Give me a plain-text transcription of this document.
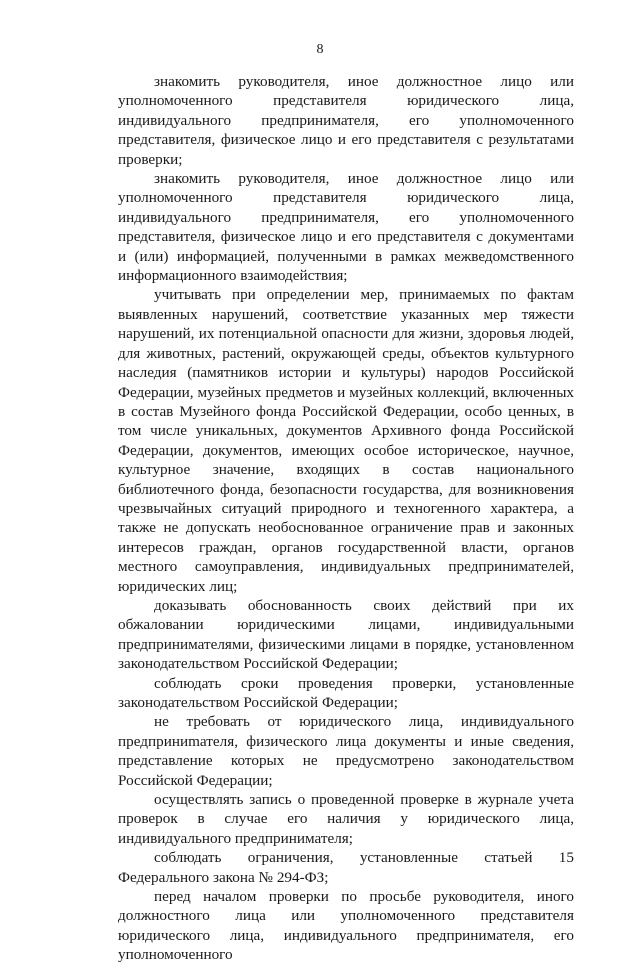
8

знакомить руководителя, иное должностное лицо или уполномоченного представителя юридического лица, индивидуального предпринимателя, его уполномоченного представителя, физическое лицо и его представителя с результатами проверки;

знакомить руководителя, иное должностное лицо или уполномоченного представителя юридического лица, индивидуального предпринимателя, его уполномоченного представителя, физическое лицо и его представителя с документами и (или) информацией, полученными в рамках межведомственного информационного взаимодействия;

учитывать при определении мер, принимаемых по фактам выявленных нарушений, соответствие указанных мер тяжести нарушений, их потенциальной опасности для жизни, здоровья людей, для животных, растений, окружающей среды, объектов культурного наследия (памятников истории и культуры) народов Российской Федерации, музейных предметов и музейных коллекций, включенных в состав Музейного фонда Российской Федерации, особо ценных, в том числе уникальных, документов Архивного фонда Российской Федерации, документов, имеющих особое историческое, научное, культурное значение, входящих в состав национального библиотечного фонда, безопасности государства, для возникновения чрезвычайных ситуаций природного и техногенного характера, а также не допускать необоснованное ограничение прав и законных интересов граждан, органов государственной власти, органов местного самоуправления, индивидуальных предпринимателей, юридических лиц;

доказывать обоснованность своих действий при их обжаловании юридическими лицами, индивидуальными предпринимателями, физическими лицами в порядке, установленном законодательством Российской Федерации;

соблюдать сроки проведения проверки, установленные законодательством Российской Федерации;

не требовать от юридического лица, индивидуального предприниmателя, физического лица документы и иные сведения, представление которых не предусмотрено законодательством Российской Федерации;

осуществлять запись о проведенной проверке в журнале учета проверок в случае его наличия у юридического лица, индивидуального предпринимателя;

соблюдать ограничения, установленные статьей 15 Федерального закона № 294-ФЗ;

перед началом проверки по просьбе руководителя, иного должностного лица или уполномоченного представителя юридического лица, индивидуального предпринимателя, его уполномоченного
